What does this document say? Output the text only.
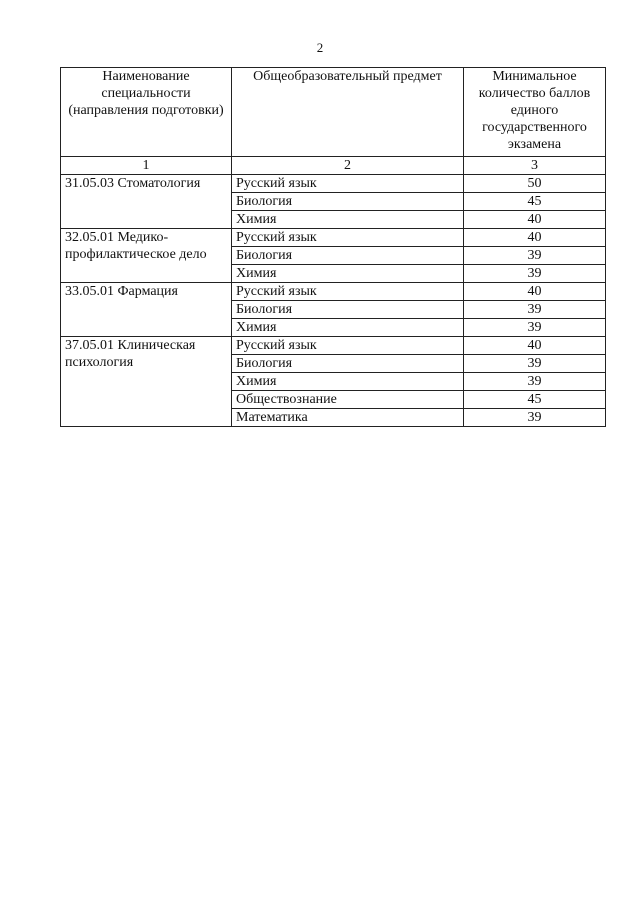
2
Наименование специальности (направления подготовки)	Общеобразовательный предмет	Минимальное количество баллов единого государственного экзамена
1	2	3
31.05.03 Стоматология	Русский язык	50
	Биология	45
	Химия	40
32.05.01 Медико-профилактическое дело	Русский язык	40
	Биология	39
	Химия	39
33.05.01 Фармация	Русский язык	40
	Биология	39
	Химия	39
37.05.01 Клиническая психология	Русский язык	40
	Биология	39
	Химия	39
	Обществознание	45
	Математика	39
